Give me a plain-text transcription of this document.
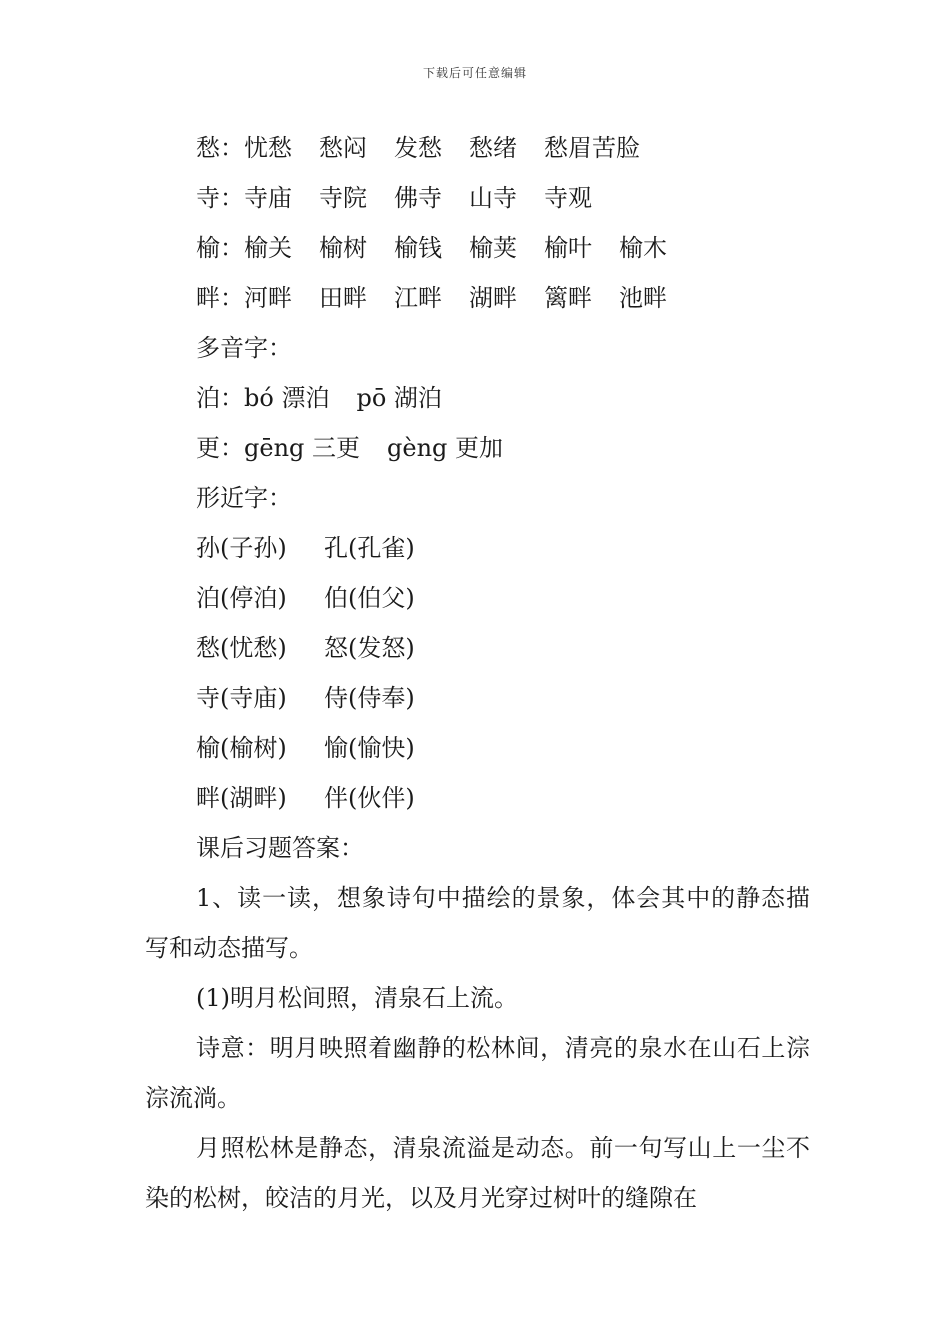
下载后可任意编辑
愁：忧愁 愁闷 发愁 愁绪 愁眉苦脸
寺：寺庙 寺院 佛寺 山寺 寺观
榆：榆关 榆树 榆钱 榆荚 榆叶 榆木
畔：河畔 田畔 江畔 湖畔 篱畔 池畔
多音字：
泊：bó 漂泊 pō 湖泊
更：gēng 三更 gèng 更加
形近字：
孙(子孙) 孔(孔雀)
泊(停泊) 伯(伯父)
愁(忧愁) 怒(发怒)
寺(寺庙) 侍(侍奉)
榆(榆树) 愉(愉快)
畔(湖畔) 伴(伙伴)
课后习题答案：

1、读一读，想象诗句中描绘的景象，体会其中的静态描写和动态描写。

(1)明月松间照，清泉石上流。

诗意：明月映照着幽静的松林间，清亮的泉水在山石上淙淙流淌。

月照松林是静态，清泉流溢是动态。前一句写山上一尘不染的松树，皎洁的月光，以及月光穿过树叶的缝隙在
